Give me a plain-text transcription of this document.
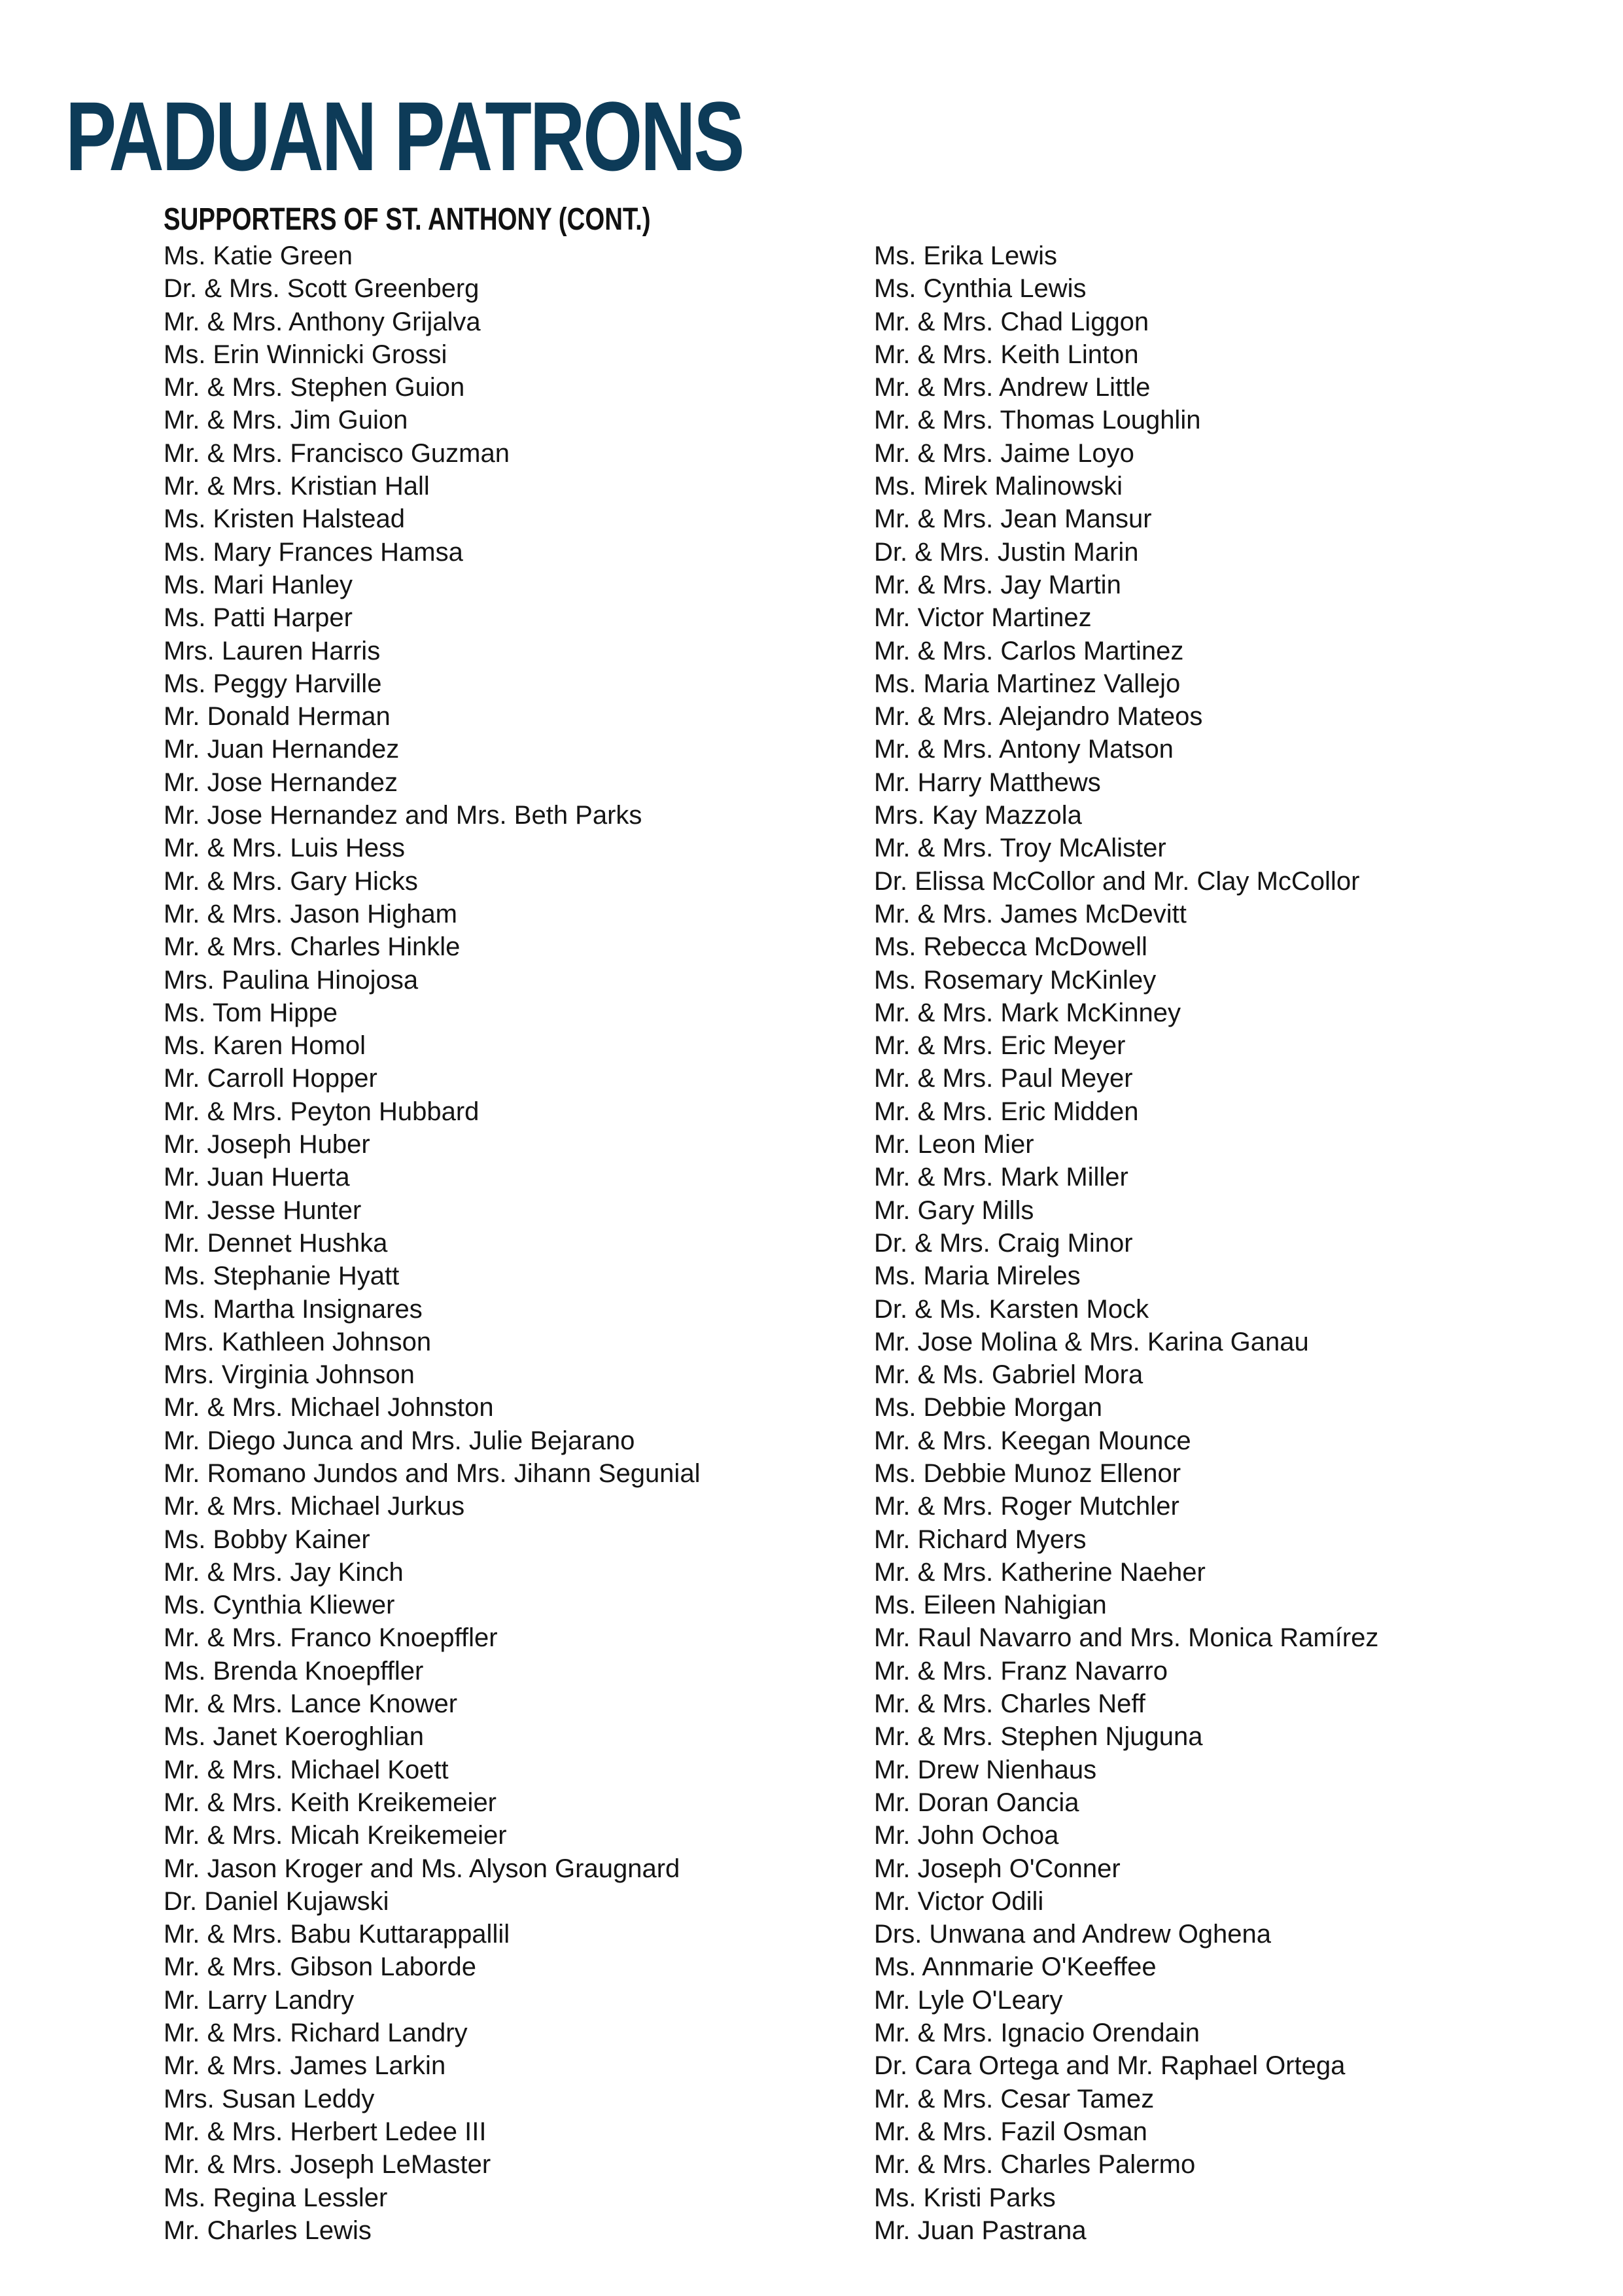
PADUAN PATRONS
SUPPORTERS OF ST. ANTHONY (CONT.)
Ms. Katie Green
Dr. & Mrs. Scott Greenberg
Mr. & Mrs. Anthony Grijalva
Ms. Erin Winnicki Grossi
Mr. & Mrs. Stephen Guion
Mr. & Mrs. Jim Guion
Mr. & Mrs. Francisco Guzman
Mr. & Mrs. Kristian Hall
Ms. Kristen Halstead
Ms. Mary Frances Hamsa
Ms. Mari Hanley
Ms. Patti Harper
Mrs. Lauren Harris
Ms. Peggy Harville
Mr. Donald Herman
Mr. Juan Hernandez
Mr. Jose Hernandez
Mr. Jose Hernandez and Mrs. Beth Parks
Mr. & Mrs. Luis Hess
Mr. & Mrs. Gary Hicks
Mr. & Mrs. Jason Higham
Mr. & Mrs. Charles Hinkle
Mrs. Paulina Hinojosa
Ms. Tom Hippe
Ms. Karen Homol
Mr. Carroll Hopper
Mr. & Mrs. Peyton Hubbard
Mr. Joseph Huber
Mr. Juan Huerta
Mr. Jesse Hunter
Mr. Dennet Hushka
Ms. Stephanie Hyatt
Ms. Martha Insignares
Mrs. Kathleen Johnson
Mrs. Virginia Johnson
Mr. & Mrs. Michael Johnston
Mr. Diego Junca and Mrs. Julie Bejarano
Mr. Romano Jundos and Mrs. Jihann Segunial
Mr. & Mrs. Michael Jurkus
Ms. Bobby Kainer
Mr. & Mrs. Jay Kinch
Ms. Cynthia Kliewer
Mr. & Mrs. Franco Knoepffler
Ms. Brenda Knoepffler
Mr. & Mrs. Lance Knower
Ms. Janet Koeroghlian
Mr. & Mrs. Michael Koett
Mr. & Mrs. Keith Kreikemeier
Mr. & Mrs. Micah Kreikemeier
Mr. Jason Kroger and Ms. Alyson Graugnard
Dr. Daniel Kujawski
Mr. & Mrs. Babu Kuttarappallil
Mr. & Mrs. Gibson Laborde
Mr. Larry Landry
Mr. & Mrs. Richard Landry
Mr. & Mrs. James Larkin
Mrs. Susan Leddy
Mr. & Mrs. Herbert Ledee III
Mr. & Mrs. Joseph LeMaster
Ms. Regina Lessler
Mr. Charles Lewis
Ms. Erika Lewis
Ms. Cynthia Lewis
Mr. & Mrs. Chad Liggon
Mr. & Mrs. Keith Linton
Mr. & Mrs. Andrew Little
Mr. & Mrs. Thomas Loughlin
Mr. & Mrs. Jaime Loyo
Ms. Mirek Malinowski
Mr. & Mrs. Jean Mansur
Dr. & Mrs. Justin Marin
Mr. & Mrs. Jay Martin
Mr. Victor Martinez
Mr. & Mrs. Carlos Martinez
Ms. Maria Martinez Vallejo
Mr. & Mrs. Alejandro Mateos
Mr. & Mrs. Antony Matson
Mr. Harry Matthews
Mrs. Kay Mazzola
Mr. & Mrs. Troy McAlister
Dr. Elissa McCollor and Mr. Clay McCollor
Mr. & Mrs. James McDevitt
Ms. Rebecca McDowell
Ms. Rosemary McKinley
Mr. & Mrs. Mark McKinney
Mr. & Mrs. Eric Meyer
Mr. & Mrs. Paul Meyer
Mr. & Mrs. Eric Midden
Mr. Leon Mier
Mr. & Mrs. Mark Miller
Mr. Gary Mills
Dr. & Mrs. Craig Minor
Ms. Maria Mireles
Dr. & Ms. Karsten Mock
Mr. Jose Molina & Mrs. Karina Ganau
Mr. & Ms. Gabriel Mora
Ms. Debbie Morgan
Mr. & Mrs. Keegan Mounce
Ms. Debbie Munoz Ellenor
Mr. & Mrs. Roger Mutchler
Mr. Richard Myers
Mr. & Mrs. Katherine Naeher
Ms. Eileen Nahigian
Mr. Raul Navarro and Mrs. Monica Ramírez
Mr. & Mrs. Franz Navarro
Mr. & Mrs. Charles Neff
Mr. & Mrs. Stephen Njuguna
Mr. Drew Nienhaus
Mr. Doran Oancia
Mr. John Ochoa
Mr. Joseph O'Conner
Mr. Victor Odili
Drs. Unwana and Andrew Oghena
Ms. Annmarie O'Keeffee
Mr. Lyle O'Leary
Mr. & Mrs. Ignacio Orendain
Dr. Cara Ortega and Mr. Raphael Ortega
Mr. & Mrs. Cesar Tamez
Mr. & Mrs. Fazil Osman
Mr. & Mrs. Charles Palermo
Ms. Kristi Parks
Mr. Juan Pastrana
